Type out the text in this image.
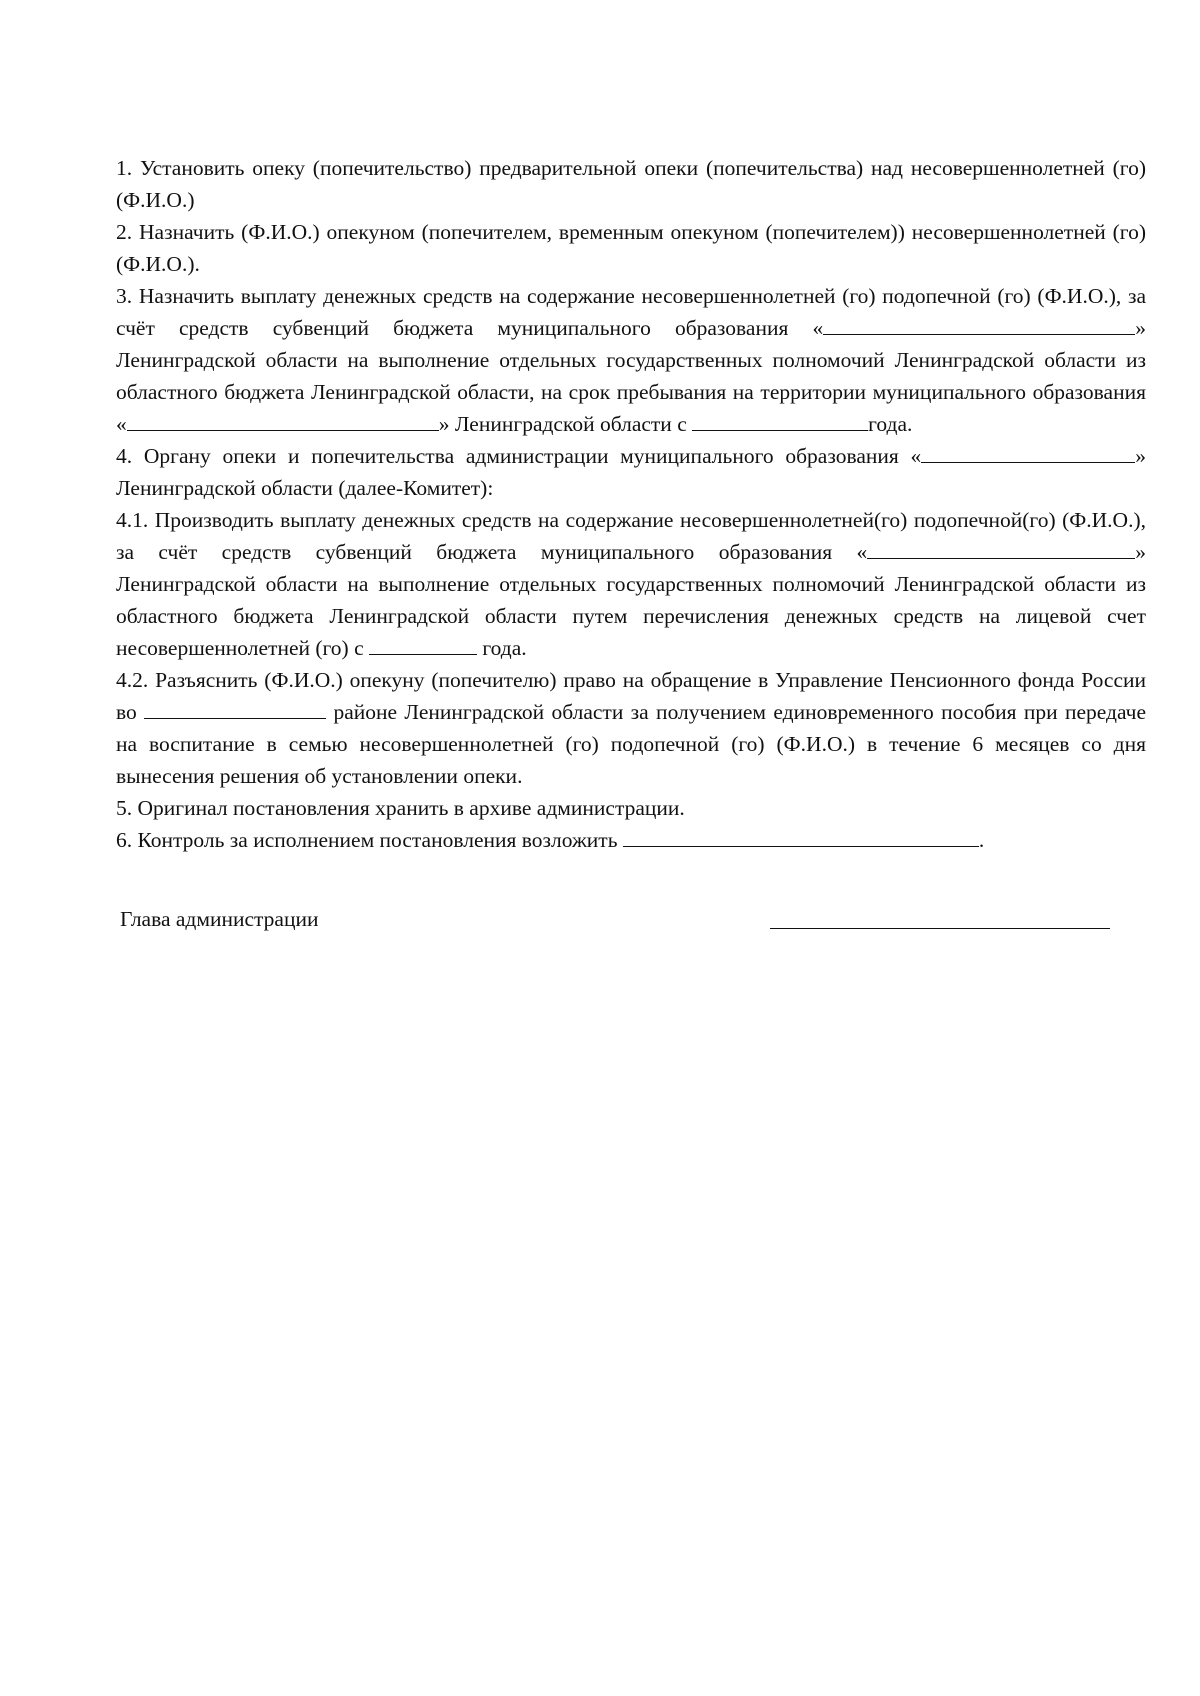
1. Установить опеку (попечительство) предварительной опеки (попечительства) над несовершеннолетней (го) (Ф.И.О.)

2. Назначить (Ф.И.О.) опекуном (попечителем, временным опекуном (попечителем)) несовершеннолетней (го) (Ф.И.О.).

3. Назначить выплату денежных средств на содержание несовершеннолетней (го) подопечной (го) (Ф.И.О.), за счёт средств субвенций бюджета муниципального образования «	» Ленинградской области на выполнение отдельных государственных полномочий Ленинградской области из областного бюджета Ленинградской области, на срок пребывания на территории муниципального образования «	» Ленинградской области с	года.

4. Органу опеки и попечительства администрации муниципального образования «	» Ленинградской области (далее-Комитет):

4.1. Производить выплату денежных средств на содержание несовершеннолетней(го) подопечной(го) (Ф.И.О.), за счёт средств субвенций бюджета муниципального образования «	» Ленинградской области на выполнение отдельных государственных полномочий Ленинградской области из областного бюджета Ленинградской области путем перечисления денежных средств на лицевой счет несовершеннолетней (го) с	года.

4.2. Разъяснить (Ф.И.О.) опекуну (попечителю) право на обращение в Управление Пенсионного фонда России во	районе Ленинградской области за получением единовременного пособия при передаче на воспитание в семью несовершеннолетней (го) подопечной (го) (Ф.И.О.) в течение 6 месяцев со дня вынесения решения об установлении опеки.

5. Оригинал постановления хранить в архиве администрации.

6. Контроль за исполнением постановления возложить	.

Глава администрации
